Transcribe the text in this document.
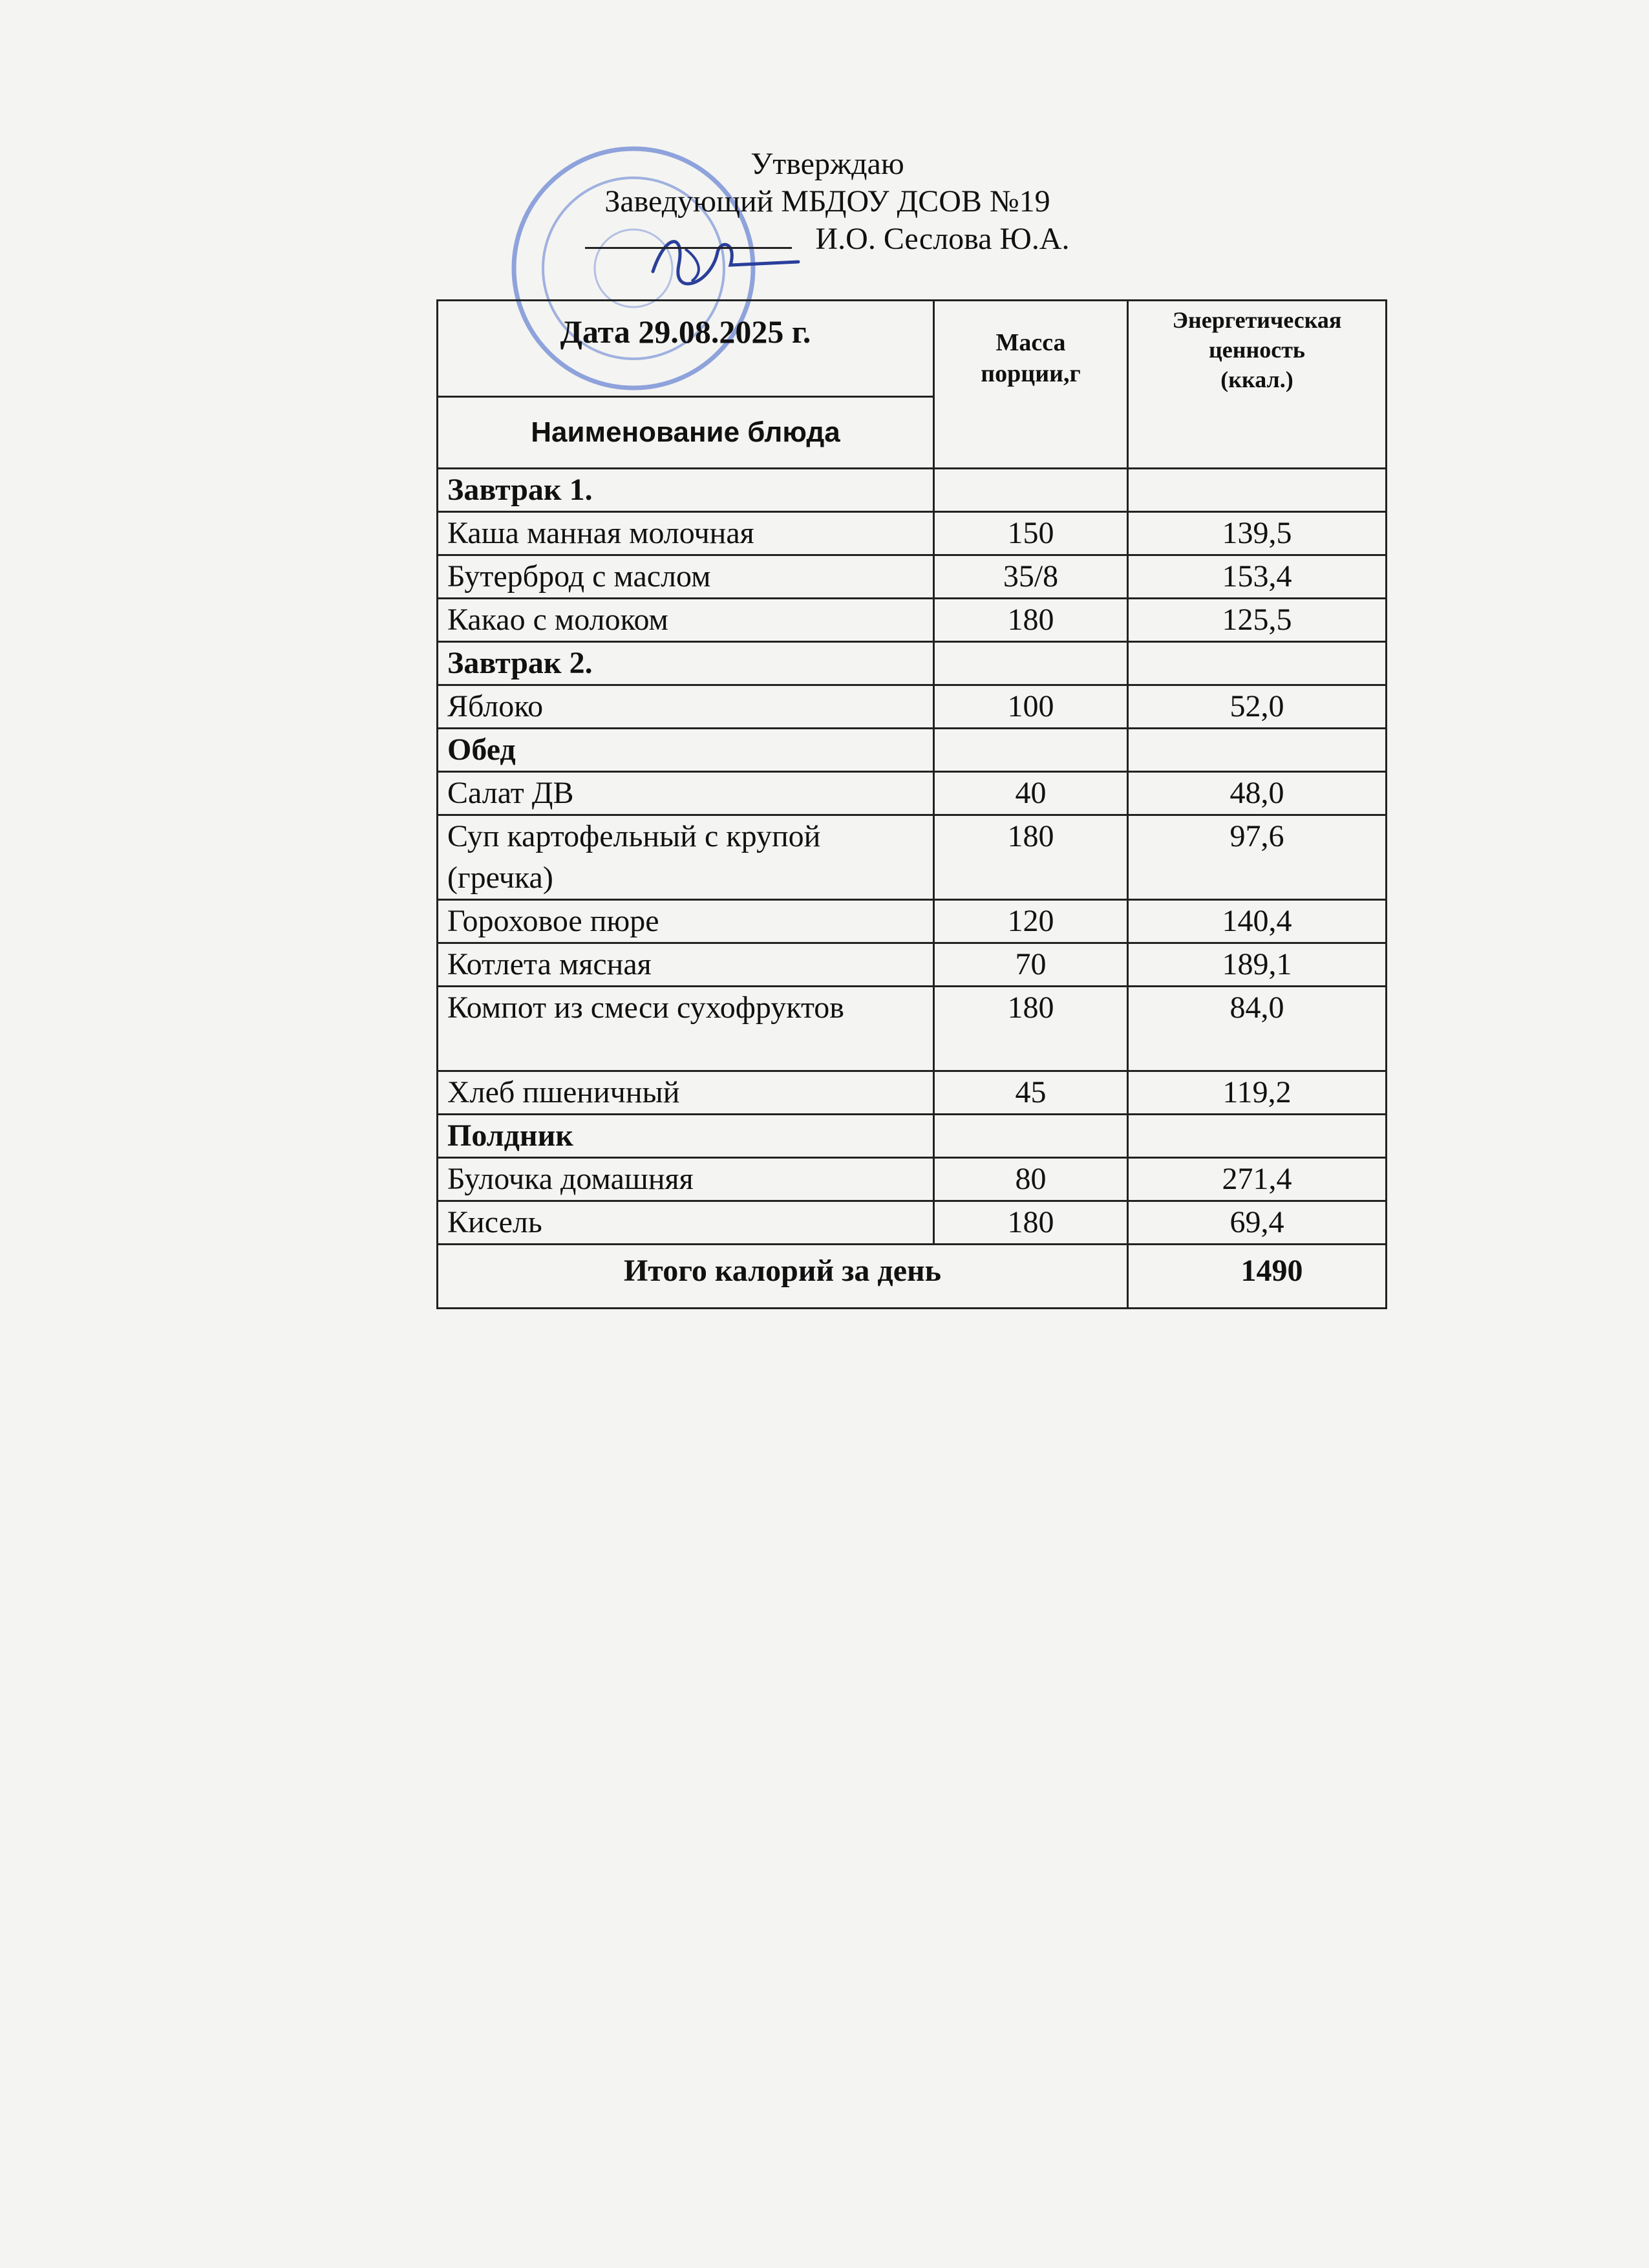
Утверждаю
Заведующий МБДОУ ДСОВ №19
И.О. Сеслова Ю.А.
Дата 29.08.2025 г.	Масса порции,г	Энергетическая ценность
(ккал.)
Наименование блюда		
Завтрак 1.		
Каша манная молочная	150	139,5
Бутерброд с маслом	35/8	153,4
Какао с молоком	180	125,5
Завтрак 2.		
Яблоко	100	52,0
Обед		
Салат ДВ	40	48,0
Суп картофельный с крупой (гречка)	180	97,6
Гороховое пюре	120	140,4
Котлета мясная	70	189,1
Компот из смеси сухофруктов	180	84,0
Хлеб пшеничный	45	119,2
Полдник		
Булочка домашняя	80	271,4
Кисель	180	69,4
Итого калорий за день		1490
